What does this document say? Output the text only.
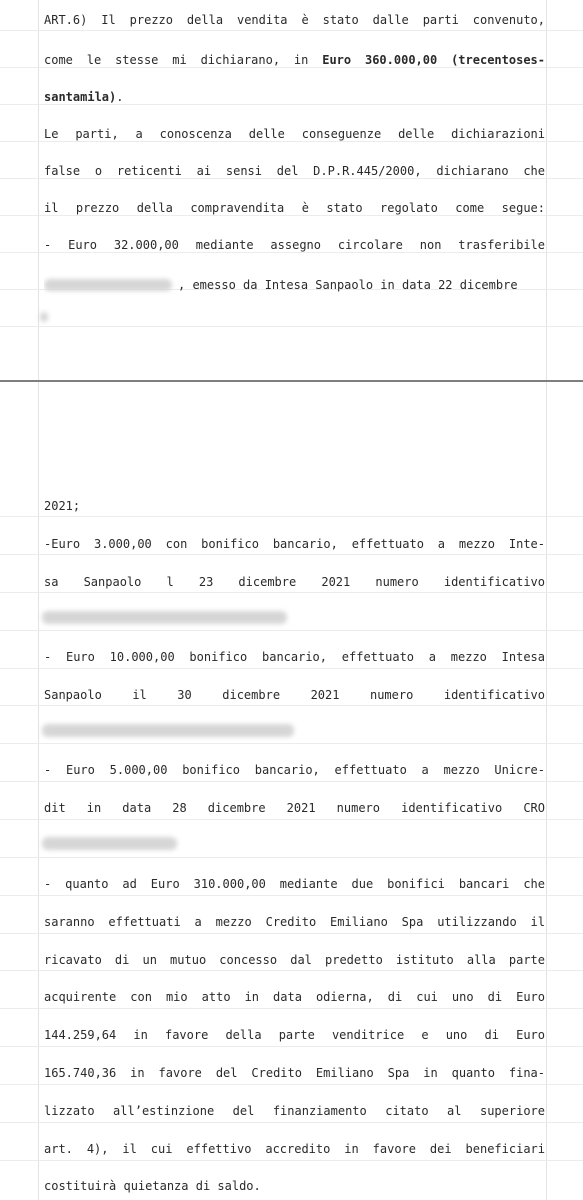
ART.6) Il prezzo della vendita è stato dalle parti convenuto,
come le stesse mi dichiarano, in Euro 360.000,00 (trecentoses-
santamila).
Le parti, a conoscenza delle conseguenze delle dichiarazioni
false o reticenti ai sensi del D.P.R.445/2000, dichiarano che
il prezzo della compravendita è stato regolato come segue:
- Euro 32.000,00 mediante assegno circolare non trasferibile
, emesso da Intesa Sanpaolo in data 22 dicembre
2021;
-Euro 3.000,00 con bonifico bancario, effettuato a mezzo Inte-
sa Sanpaolo l 23 dicembre 2021 numero identificativo
- Euro 10.000,00 bonifico bancario, effettuato a mezzo Intesa
Sanpaolo il 30 dicembre 2021 numero identificativo
- Euro 5.000,00 bonifico bancario, effettuato a mezzo Unicre-
dit in data 28 dicembre 2021 numero identificativo CRO
- quanto ad Euro 310.000,00 mediante due bonifici bancari che
saranno effettuati a mezzo Credito Emiliano Spa utilizzando il
ricavato di un mutuo concesso dal predetto istituto alla parte
acquirente con mio atto in data odierna, di cui uno di Euro
144.259,64 in favore della parte venditrice e uno di Euro
165.740,36 in favore del Credito Emiliano Spa in quanto fina-
lizzato all’estinzione del finanziamento citato al superiore
art. 4), il cui effettivo accredito in favore dei beneficiari
costituirà quietanza di saldo.
